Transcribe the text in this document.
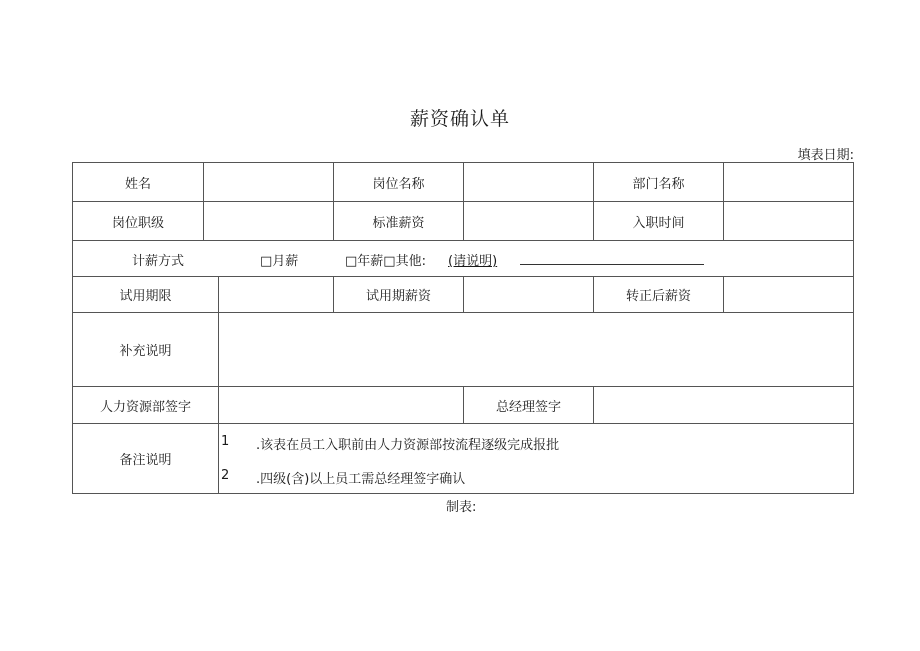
薪资确认单
填表日期:
姓名	岗位名称	部门名称
岗位职级	标准薪资	入职时间
计薪方式	□月薪	□年薪□其他: (请说明)
试用期限	试用期薪资	转正后薪资
补充说明
人力资源部签字	总经理签字
备注说明
1 .该表在员工入职前由人力资源部按流程逐级完成报批
2 .四级(含)以上员工需总经理签字确认
制表:
